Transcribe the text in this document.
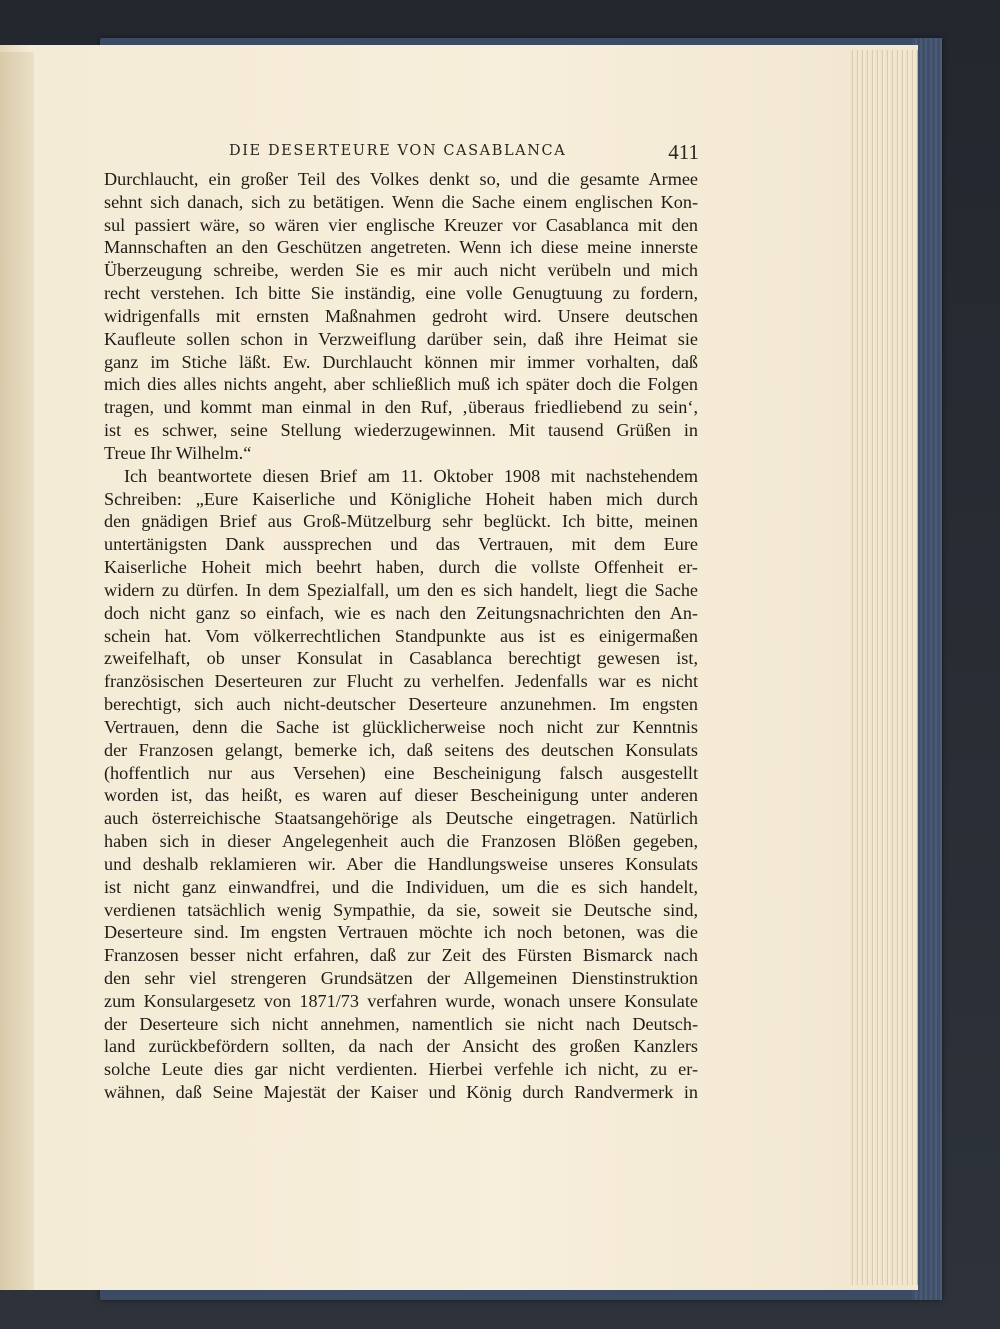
DIE DESERTEURE VON CASABLANCA	411
Durchlaucht, ein großer Teil des Volkes denkt so, und die gesamte Armee
sehnt sich danach, sich zu betätigen. Wenn die Sache einem englischen Kon-
sul passiert wäre, so wären vier englische Kreuzer vor Casablanca mit den
Mannschaften an den Geschützen angetreten. Wenn ich diese meine innerste
Überzeugung schreibe, werden Sie es mir auch nicht verübeln und mich
recht verstehen. Ich bitte Sie inständig, eine volle Genugtuung zu fordern,
widrigenfalls mit ernsten Maßnahmen gedroht wird. Unsere deutschen
Kaufleute sollen schon in Verzweiflung darüber sein, daß ihre Heimat sie
ganz im Stiche läßt. Ew. Durchlaucht können mir immer vorhalten, daß
mich dies alles nichts angeht, aber schließlich muß ich später doch die Folgen
tragen, und kommt man einmal in den Ruf, ‚überaus friedliebend zu sein‘,
ist es schwer, seine Stellung wiederzugewinnen. Mit tausend Grüßen in
Treue Ihr Wilhelm.“
Ich beantwortete diesen Brief am 11. Oktober 1908 mit nachstehendem
Schreiben: „Eure Kaiserliche und Königliche Hoheit haben mich durch
den gnädigen Brief aus Groß-Mützelburg sehr beglückt. Ich bitte, meinen
untertänigsten Dank aussprechen und das Vertrauen, mit dem Eure
Kaiserliche Hoheit mich beehrt haben, durch die vollste Offenheit er-
widern zu dürfen. In dem Spezialfall, um den es sich handelt, liegt die Sache
doch nicht ganz so einfach, wie es nach den Zeitungsnachrichten den An-
schein hat. Vom völkerrechtlichen Standpunkte aus ist es einigermaßen
zweifelhaft, ob unser Konsulat in Casablanca berechtigt gewesen ist,
französischen Deserteuren zur Flucht zu verhelfen. Jedenfalls war es nicht
berechtigt, sich auch nicht-deutscher Deserteure anzunehmen. Im engsten
Vertrauen, denn die Sache ist glücklicherweise noch nicht zur Kenntnis
der Franzosen gelangt, bemerke ich, daß seitens des deutschen Konsulats
(hoffentlich nur aus Versehen) eine Bescheinigung falsch ausgestellt
worden ist, das heißt, es waren auf dieser Bescheinigung unter anderen
auch österreichische Staatsangehörige als Deutsche eingetragen. Natürlich
haben sich in dieser Angelegenheit auch die Franzosen Blößen gegeben,
und deshalb reklamieren wir. Aber die Handlungsweise unseres Konsulats
ist nicht ganz einwandfrei, und die Individuen, um die es sich handelt,
verdienen tatsächlich wenig Sympathie, da sie, soweit sie Deutsche sind,
Deserteure sind. Im engsten Vertrauen möchte ich noch betonen, was die
Franzosen besser nicht erfahren, daß zur Zeit des Fürsten Bismarck nach
den sehr viel strengeren Grundsätzen der Allgemeinen Dienstinstruktion
zum Konsulargesetz von 1871/73 verfahren wurde, wonach unsere Konsulate
der Deserteure sich nicht annehmen, namentlich sie nicht nach Deutsch-
land zurückbefördern sollten, da nach der Ansicht des großen Kanzlers
solche Leute dies gar nicht verdienten. Hierbei verfehle ich nicht, zu er-
wähnen, daß Seine Majestät der Kaiser und König durch Randvermerk in
